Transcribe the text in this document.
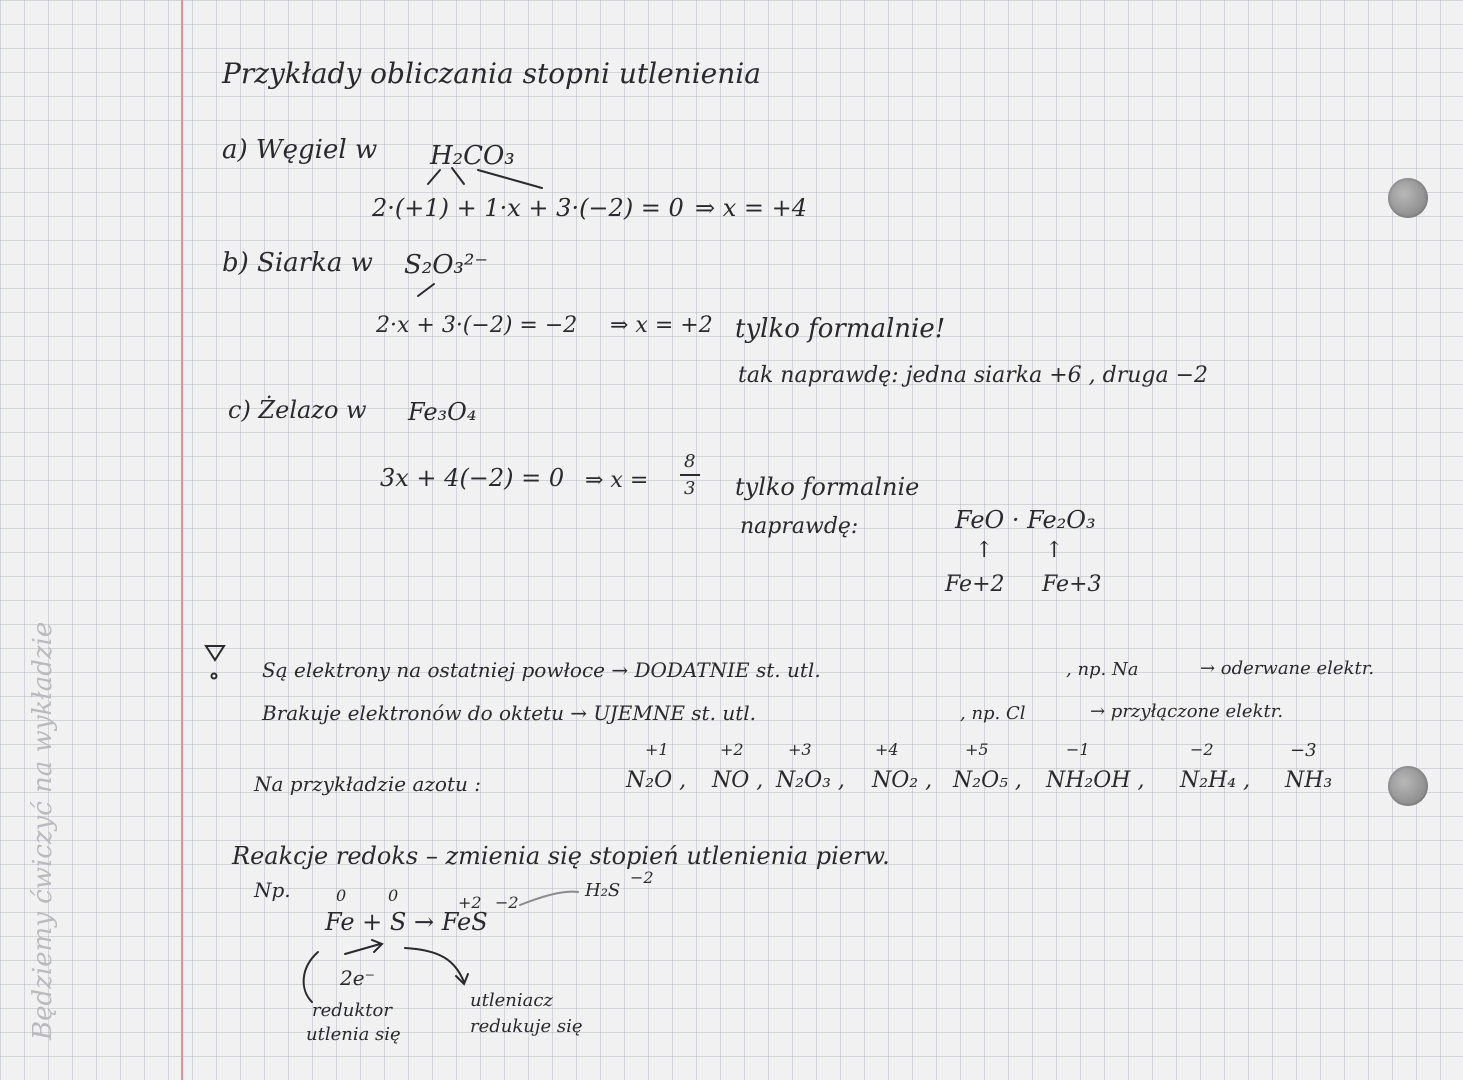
Będziemy ćwiczyć na wykładzie
Przykłady obliczania stopni utlenienia
a) Węgiel w H₂CO₃
2·(+1) + 1·x + 3·(−2) = 0 ⇒ x = +4
b) Siarka w S₂O₃²⁻
2·x + 3·(−2) = −2 ⇒ x = +2 tylko formalnie!
tak naprawdę: jedna siarka +6 , druga −2
c) Żelazo w Fe₃O₄
3x + 4(−2) = 0 ⇒ x =
8
3 tylko formalnie
naprawdę:	FeO · Fe₂O₃
↑ ↑
Fe+2 Fe+3
Są elektrony na ostatniej powłoce → DODATNIE st. utl.	, np. Na	→ oderwane elektr.
Brakuje elektronów do oktetu → UJEMNE st. utl.	, np. Cl	→ przyłączone elektr.
Na przykładzie azotu :
+1
N₂O ,
+2
NO ,
+3
N₂O₃ ,
+4
NO₂ ,
+5
N₂O₅ ,
−1
NH₂OH ,
−2
N₂H₄ ,
−3
NH₃
Reakcje redoks – zmienia się stopień utlenienia pierw.
Np.	0	0	+2 −2
Fe + S → FeS
H₂S
−2
2e⁻
reduktor
utlenia się
utleniacz
redukuje się
